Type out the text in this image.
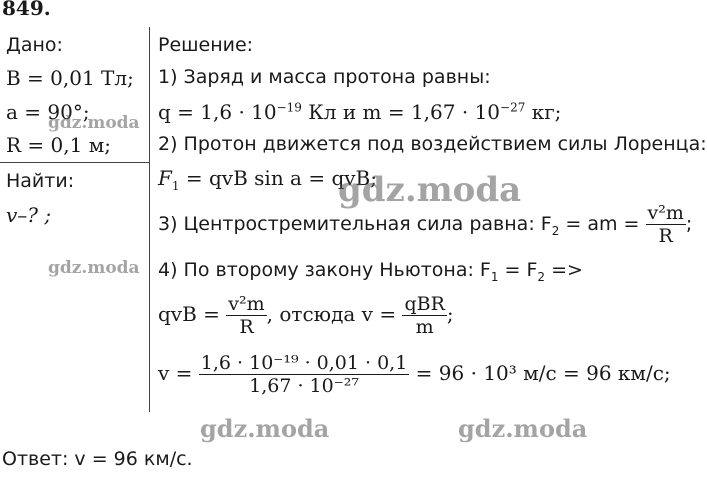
849.
Дано:
B = 0,01 Тл;
a = 90°;
R = 0,1 м;
Найти:
v–? ;
Решение:
1) Заряд и масса протона равны:
$q = 1,6 \cdot 10^{-19}$ Кл и $m = 1,67 \cdot 10^{-27}$ кг;
2) Протон движется под воздействием силы Лоренца:
$F_1$ = qvB sin a = qvB;
3) Центростремительная сила равна: $F_2$ = am = $\frac{\text{v²m}}{R}$ ;
4) По второму закону Ньютона: $F_1 = F_2$ =>
qvB = $\frac{\text{v²m}}{R}$ , отсюда $v = \frac{\text{qBR}}{m}$ ;
$v = \frac{\text{1,6 · 10⁻¹⁹ · 0,01 · 0,1}}{\text{1,67 · 10⁻²⁷}} = 96 \cdot 10^3$ м/с = 96 км/с;
Ответ: v = 96 км/с.
gdz.moda
gdz.moda
gdz.moda
gdz.moda	gdz.moda
